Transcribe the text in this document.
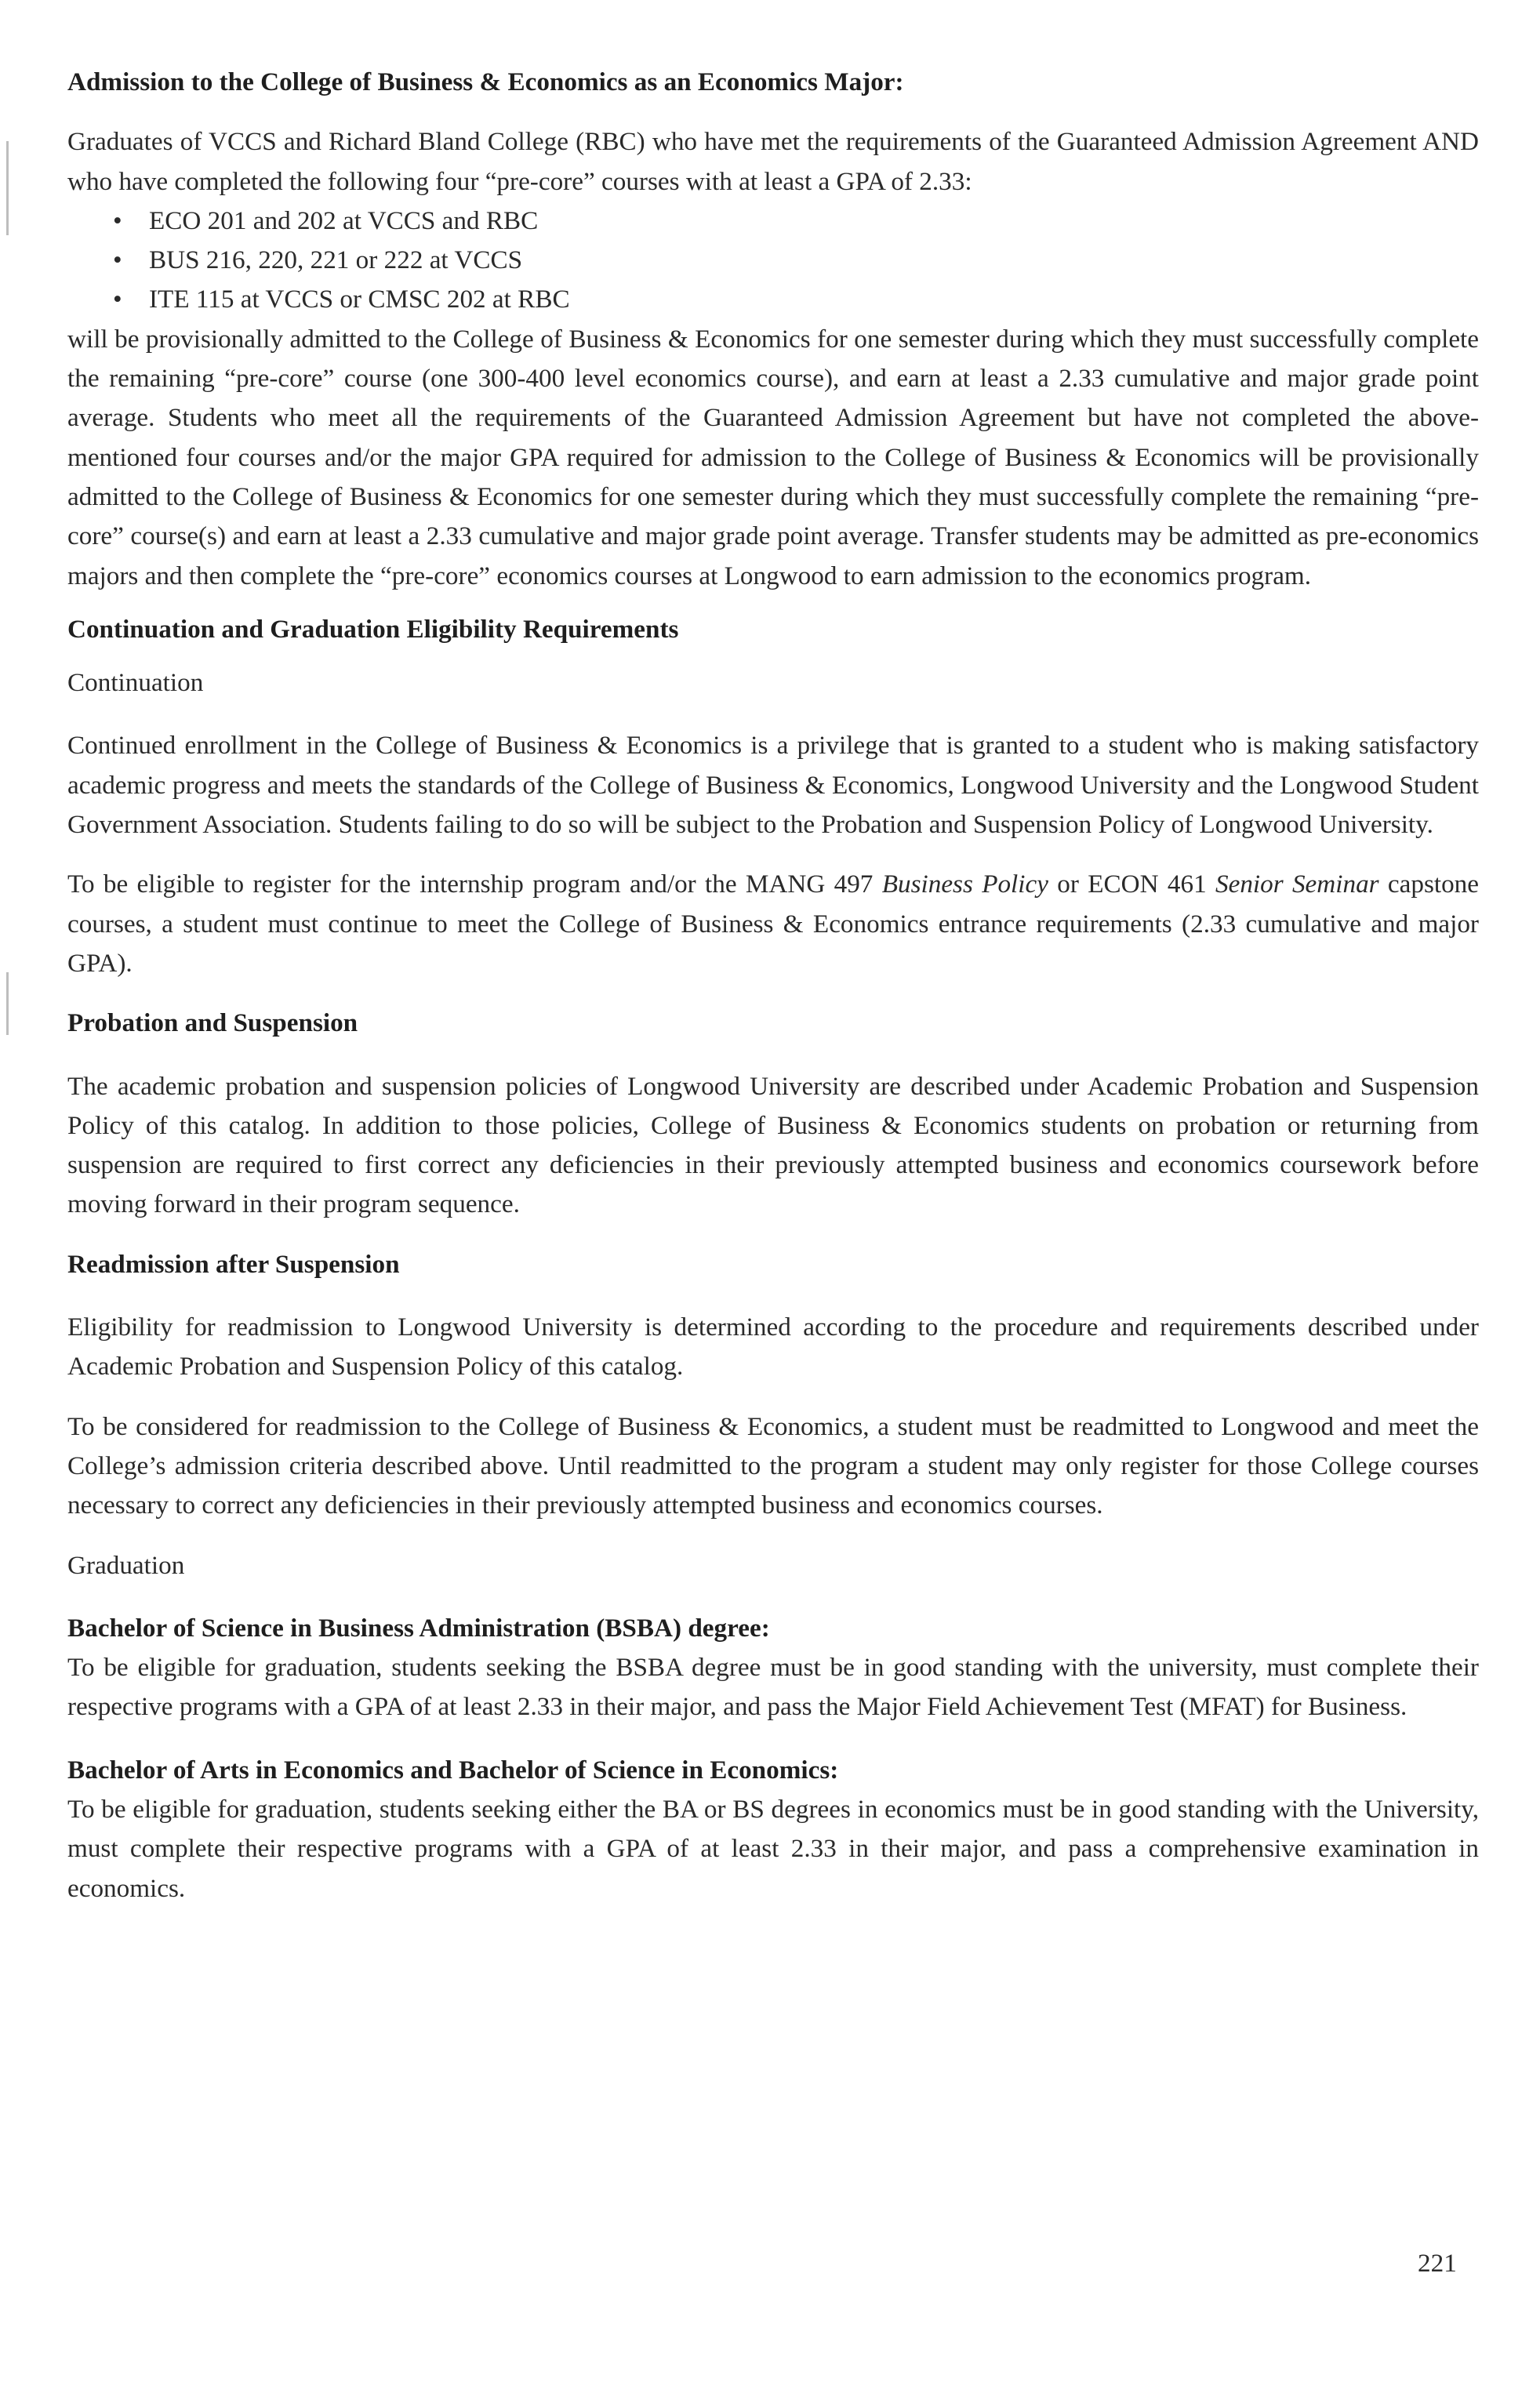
Admission to the College of Business & Economics as an Economics Major:

Graduates of VCCS and Richard Bland College (RBC) who have met the requirements of the Guaranteed Admission Agreement AND who have completed the following four “pre-core” courses with at least a GPA of 2.33:

• ECO 201 and 202 at VCCS and RBC
• BUS 216, 220, 221 or 222 at VCCS
• ITE 115 at VCCS or CMSC 202 at RBC

will be provisionally admitted to the College of Business & Economics for one semester during which they must successfully complete the remaining “pre-core” course (one 300-400 level economics course), and earn at least a 2.33 cumulative and major grade point average. Students who meet all the requirements of the Guaranteed Admission Agreement but have not completed the above-mentioned four courses and/or the major GPA required for admission to the College of Business & Economics will be provisionally admitted to the College of Business & Economics for one semester during which they must successfully complete the remaining “pre-core” course(s) and earn at least a 2.33 cumulative and major grade point average. Transfer students may be admitted as pre-economics majors and then complete the “pre-core” economics courses at Longwood to earn admission to the economics program.

Continuation and Graduation Eligibility Requirements

Continuation

Continued enrollment in the College of Business & Economics is a privilege that is granted to a student who is making satisfactory academic progress and meets the standards of the College of Business & Economics, Longwood University and the Longwood Student Government Association. Students failing to do so will be subject to the Probation and Suspension Policy of Longwood University.

To be eligible to register for the internship program and/or the MANG 497 Business Policy or ECON 461 Senior Seminar capstone courses, a student must continue to meet the College of Business & Economics entrance requirements (2.33 cumulative and major GPA).

Probation and Suspension

The academic probation and suspension policies of Longwood University are described under Academic Probation and Suspension Policy of this catalog. In addition to those policies, College of Business & Economics students on probation or returning from suspension are required to first correct any deficiencies in their previously attempted business and economics coursework before moving forward in their program sequence.

Readmission after Suspension

Eligibility for readmission to Longwood University is determined according to the procedure and requirements described under Academic Probation and Suspension Policy of this catalog.

To be considered for readmission to the College of Business & Economics, a student must be readmitted to Longwood and meet the College’s admission criteria described above. Until readmitted to the program a student may only register for those College courses necessary to correct any deficiencies in their previously attempted business and economics courses.

Graduation

Bachelor of Science in Business Administration (BSBA) degree:

To be eligible for graduation, students seeking the BSBA degree must be in good standing with the university, must complete their respective programs with a GPA of at least 2.33 in their major, and pass the Major Field Achievement Test (MFAT) for Business.

Bachelor of Arts in Economics and Bachelor of Science in Economics:

To be eligible for graduation, students seeking either the BA or BS degrees in economics must be in good standing with the University, must complete their respective programs with a GPA of at least 2.33 in their major, and pass a comprehensive examination in economics.

221
